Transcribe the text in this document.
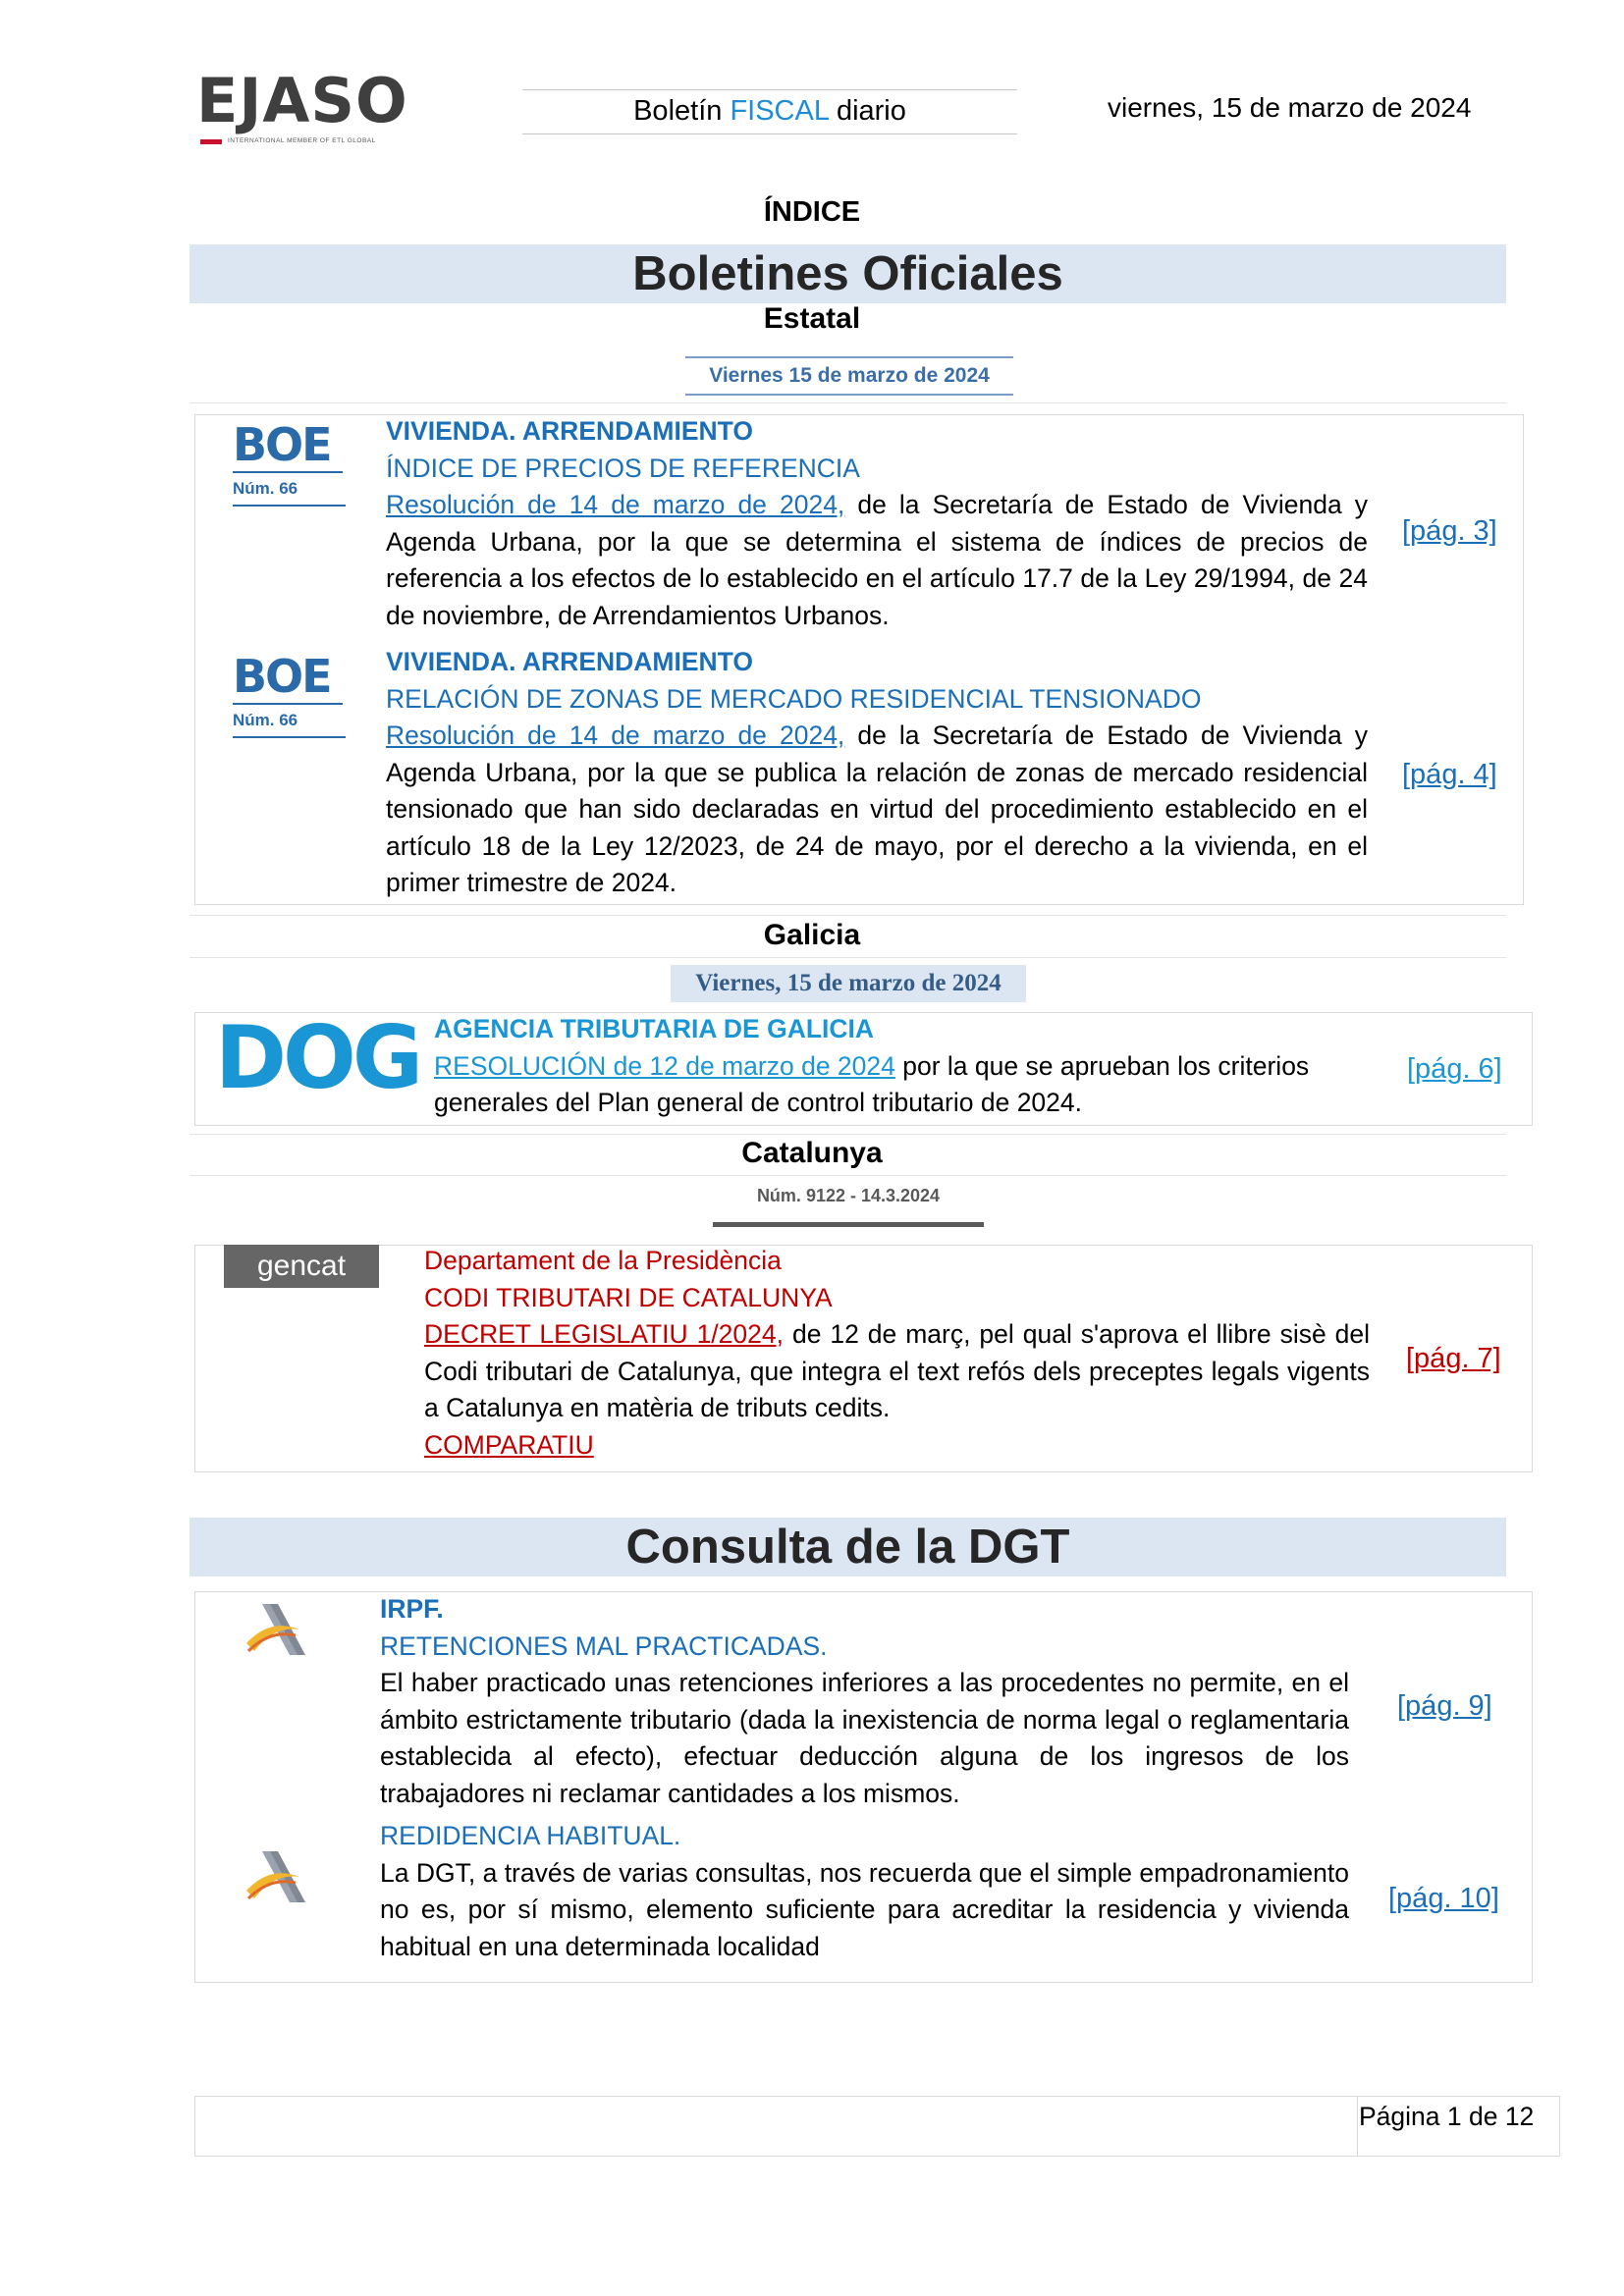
EJASO
INTERNATIONAL MEMBER OF ETL GLOBAL
Boletín FISCAL diario	viernes, 15 de marzo de 2024
ÍNDICE
Boletines Oficiales
Estatal
Viernes 15 de marzo de 2024
BOE
Núm. 66
VIVIENDA. ARRENDAMIENTO
ÍNDICE DE PRECIOS DE REFERENCIA
Resolución de 14 de marzo de 2024, de la Secretaría de Estado de Vivienda y Agenda Urbana, por la que se determina el sistema de índices de precios de referencia a los efectos de lo establecido en el artículo 17.7 de la Ley 29/1994, de 24 de noviembre, de Arrendamientos Urbanos.
[pág. 3]
BOE
Núm. 66
VIVIENDA. ARRENDAMIENTO
RELACIÓN DE ZONAS DE MERCADO RESIDENCIAL TENSIONADO
Resolución de 14 de marzo de 2024, de la Secretaría de Estado de Vivienda y Agenda Urbana, por la que se publica la relación de zonas de mercado residencial tensionado que han sido declaradas en virtud del procedimiento establecido en el artículo 18 de la Ley 12/2023, de 24 de mayo, por el derecho a la vivienda, en el primer trimestre de 2024.
[pág. 4]
Galicia
Viernes, 15 de marzo de 2024
DOG AGENCIA TRIBUTARIA DE GALICIA
RESOLUCIÓN de 12 de marzo de 2024 por la que se aprueban los criterios generales del Plan general de control tributario de 2024.
[pág. 6]
Catalunya
Núm. 9122 - 14.3.2024
gencat	Departament de la Presidència
CODI TRIBUTARI DE CATALUNYA
DECRET LEGISLATIU 1/2024, de 12 de març, pel qual s'aprova el llibre sisè del Codi tributari de Catalunya, que integra el text refós dels preceptes legals vigents a Catalunya en matèria de tributs cedits.
COMPARATIU
[pág. 7]
Consulta de la DGT
IRPF.
RETENCIONES MAL PRACTICADAS.
El haber practicado unas retenciones inferiores a las procedentes no permite, en el ámbito estrictamente tributario (dada la inexistencia de norma legal o reglamentaria establecida al efecto), efectuar deducción alguna de los ingresos de los trabajadores ni reclamar cantidades a los mismos.
[pág. 9]
REDIDENCIA HABITUAL.
La DGT, a través de varias consultas, nos recuerda que el simple empadronamiento no es, por sí mismo, elemento suficiente para acreditar la residencia y vivienda habitual en una determinada localidad
[pág. 10]
Página 1 de 12
